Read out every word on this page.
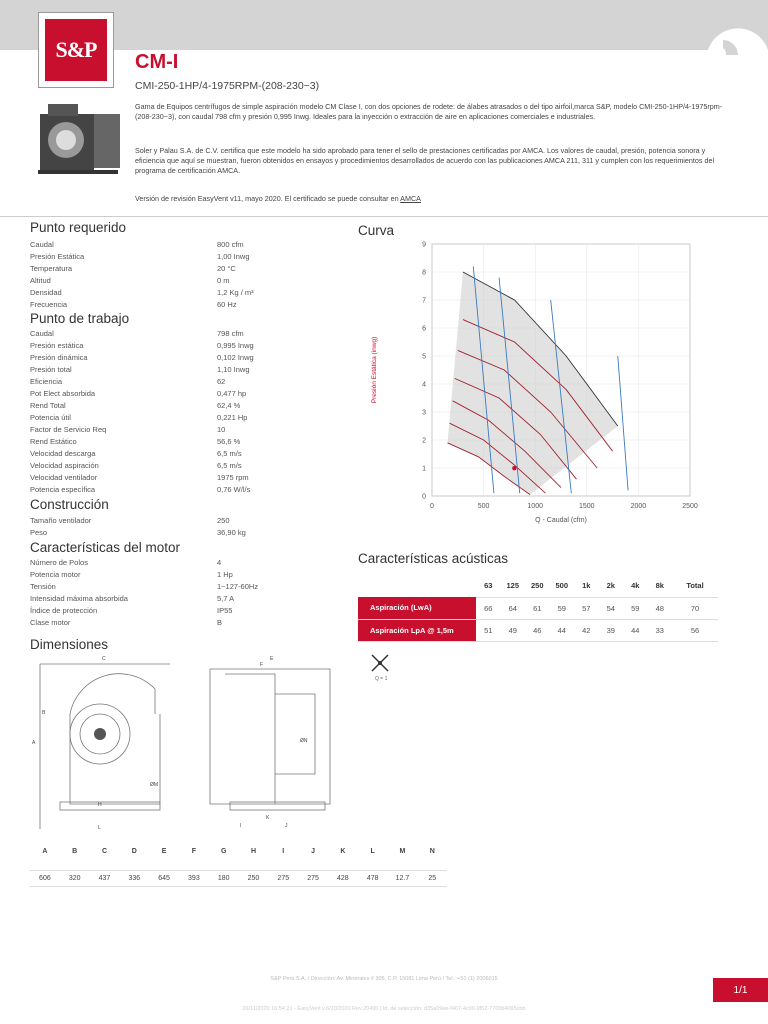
S&P	CM-I
CMI-250-1HP/4-1975RPM-(208-230~3)
Gama de Equipos centrífugos de simple aspiración modelo CM Clase I, con dos opciones de rodete: de álabes atrasados o del tipo airfoil,marca S&P, modelo CMI-250-1HP/4-1975rpm-(208-230~3), con caudal 798 cfm y presión 0,995 Inwg. Ideales para la inyección o extracción de aire en aplicaciones comerciales e industriales.
Soler y Palau S.A. de C.V. certifica que este modelo ha sido aprobado para tener el sello de prestaciones certificadas por AMCA. Los valores de caudal, presión, potencia sonora y eficiencia que aquí se muestran, fueron obtenidos en ensayos y procedimientos desarrollados de acuerdo con las publicaciones AMCA 211, 311 y cumplen con los requerimientos del programa de certificación AMCA.
Versión de revisión EasyVent v11, mayo 2020. El certificado se puede consultar en AMCA
Punto requerido
Caudal	800 cfm
Presión Estática	1,00 Inwg
Temperatura	20 °C
Altitud	0 m
Densidad	1,2 Kg / m³
Frecuencia	60 Hz
Punto de trabajo
Caudal	798 cfm
Presión estática	0,995 Inwg
Presión dinámica	0,102 Inwg
Presión total	1,10 Inwg
Eficiencia	62
Pot Elect absorbida	0,477 hp
Rend Total	62,4 %
Potencia útil	0,221 Hp
Factor de Servicio Req	10
Rend Estático	56,6 %
Velocidad descarga	6,5 m/s
Velocidad aspiración	6,5 m/s
Velocidad ventilador	1975 rpm
Potencia específica	0,76 W/l/s
Construcción
Tamaño ventilador	250
Peso	36,90 kg
Características del motor
Número de Polos	4
Potencia motor	1 Hp
Tensión	1~127-60Hz
Intensidad máxima absorbida	5,7 A
Índice de protección	IP55
Clase motor	B
Curva
0	500	1000	1500	2000	2500
0
1
2
3
4
5
6
7
8
9
Q - Caudal (cfm)
Presión Estática (inwg)
Características acústicas
	63	125	250	500	1k	2k	4k	8k	Total
Aspiración (LwA)	66	64	61	59	57	54	59	48	70
Aspiración LpA @ 1,5m	51	49	46	44	42	39	44	33	56
Q = 1
Dimensiones
C
A
B
H
L
ØM
E
F
ØN
I	J
K
A	B	C	D	E	F	G	H	I	J	K	L	M	N

606	320	437	336	645	393	180	250	275	275	428	478	12.7	25
S&P Perú S.A. / Dirección: Av. Minerales # 305, C.P. 15081 Lima Perú / Tel.: +51 (1) 2006015
26/11/2020 16:54:21 - EasyVent v.6/10/2020 Rev.20490 | Id. de selección: d35a09ee-f407-4c00-9f52-7765b4095cbb
1/1
